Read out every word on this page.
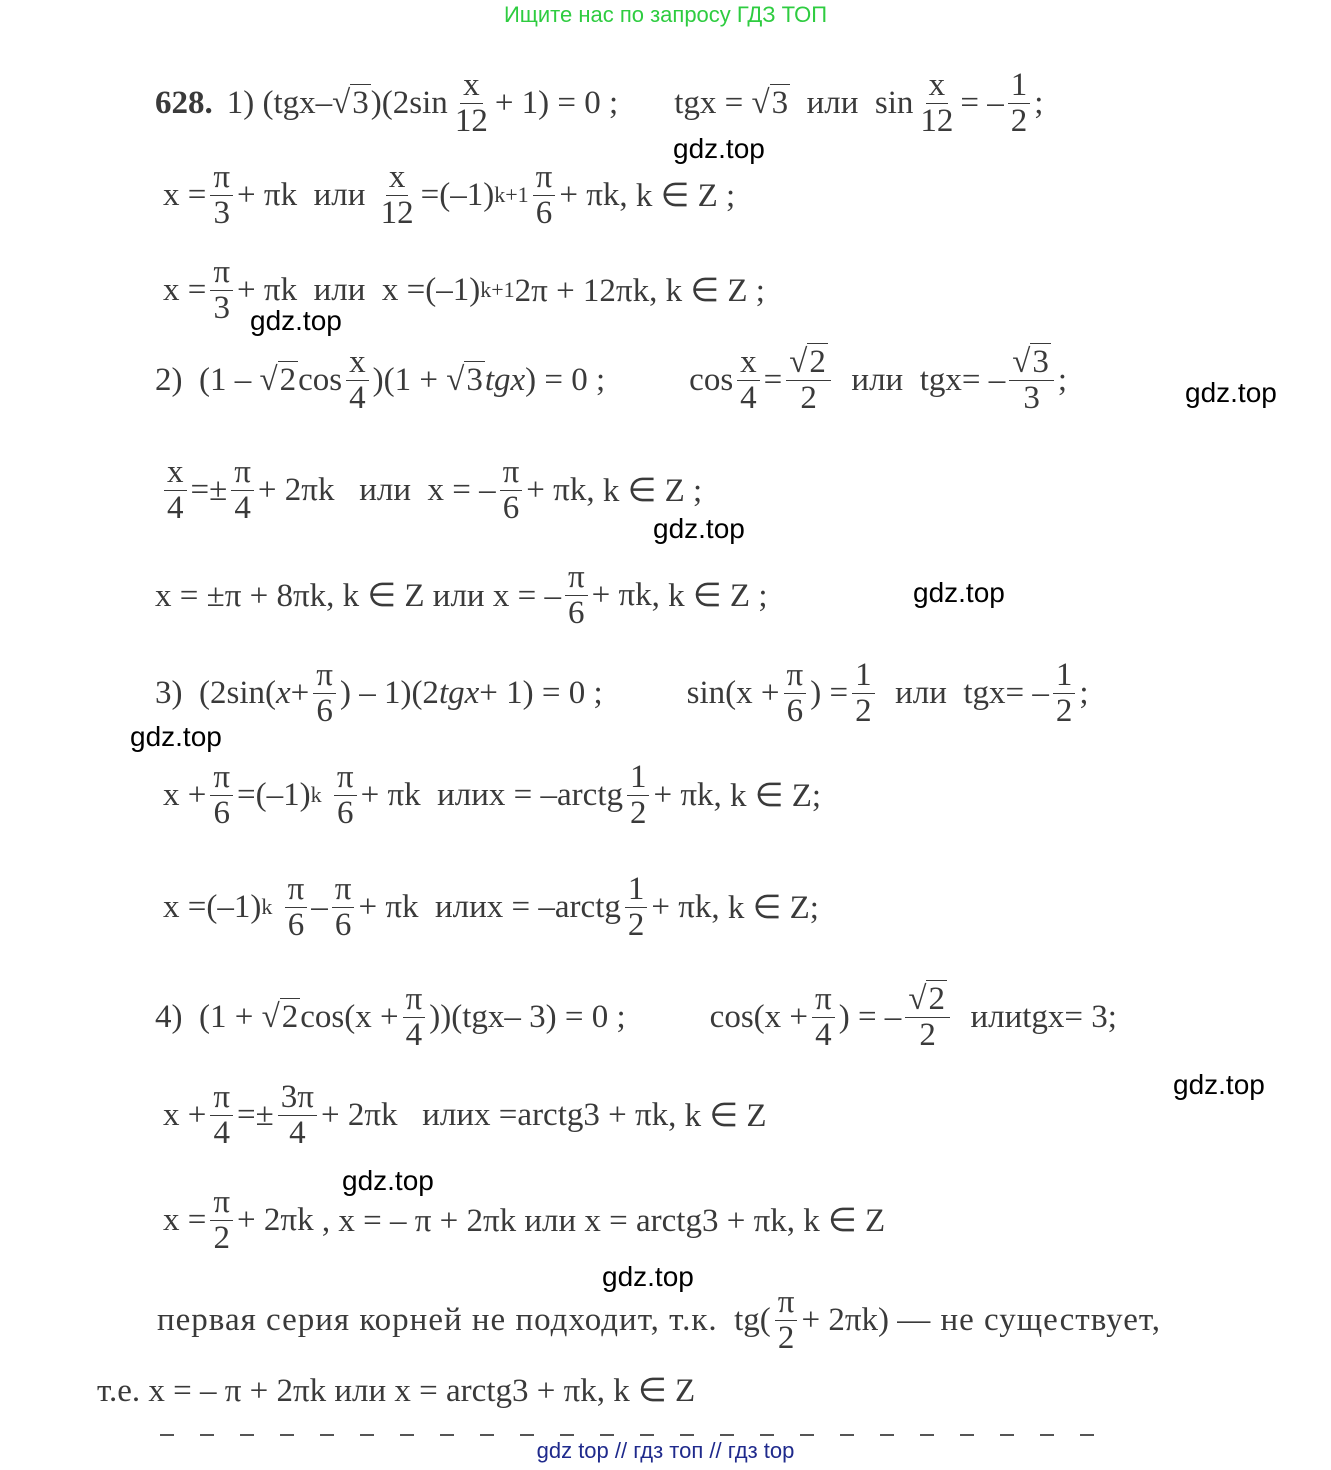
Ищите нас по запросу ГДЗ ТОП
628. 1)
( tgx – √ 3 ) (2 $\sin \frac{x}{12} + 1) = 0$ ; tgx = √ 3
или
$\sin \frac{x}{12}$ = – $\frac{1}{2}$ ;
gdz.top
$x = \frac{\pi}{3} + \pi k$
или
$\frac{x}{12} = (-1)$ $k+1 \frac{\pi}{6} + \pi k$ , k ∈ Z ;
$x = \frac{\pi}{3} + \pi k$
или x = (–1) k+1 2π + 12πk, k ∈ Z ;
gdz.top
2) (1 – √ 2 $\cos \frac{x}{4} )(1$ + √ 3 tgx ) = 0 ;	$\cos \frac{x}{4} = \frac{√2}{2}$
или
tgx = – $\frac{√3}{3}$ ;	gdz.top
$\frac{x}{4}$ = ± $\frac{\pi}{4} + 2\pi k$
или x = – $\frac{\pi}{6} + \pi k$ , k ∈ Z ;
gdz.top
x = ±π + 8πk, k ∈ Z или x = – $\frac{\pi}{6} + \pi k$ , k ∈ Z ;	gdz.top
3) (2 sin ( $x + \frac{\pi}{6}$ ) – 1)(2 tgx + 1) = 0 ;	$\sin (x + \frac{\pi}{6}$ ) = $\frac{1}{2}$
или
tgx = – $\frac{1}{2}$ ;
gdz.top
$x + \frac{\pi}{6} = (-1)$ k
$\frac{\pi}{6} + \pi k$
или x = – arctg $\frac{1}{2} + \pi k$ , k ∈ Z;
x = (–1) k
$\frac{\pi}{6} - \frac{\pi}{6} + \pi k$
или x = – arctg $\frac{1}{2} + \pi k$ , k ∈ Z;
4) (1 + √ 2 $\cos (x + \frac{\pi}{4}$ ))( tgx – 3) = 0 ;	$\cos (x + \frac{\pi}{4}$ ) = – $\frac{√2}{2}$
или tgx = 3;
gdz.top
$x + \frac{\pi}{4}$ = ± $\frac{3\pi}{4} + 2\pi k$
или x = arctg3 + πk , k ∈ Z
gdz.top
$x = \frac{\pi}{2} + 2\pi k$
, x = – π + 2πk или x = arctg3 + πk, k ∈ Z
gdz.top
первая серия корней не подходит, т.к.
tg ( $\frac{\pi}{2} + 2\pi k$ ) — не существует,
т.е. x = – π + 2πk или x = arctg3 + πk, k ∈ Z
gdz top // гдз топ // гдз top
